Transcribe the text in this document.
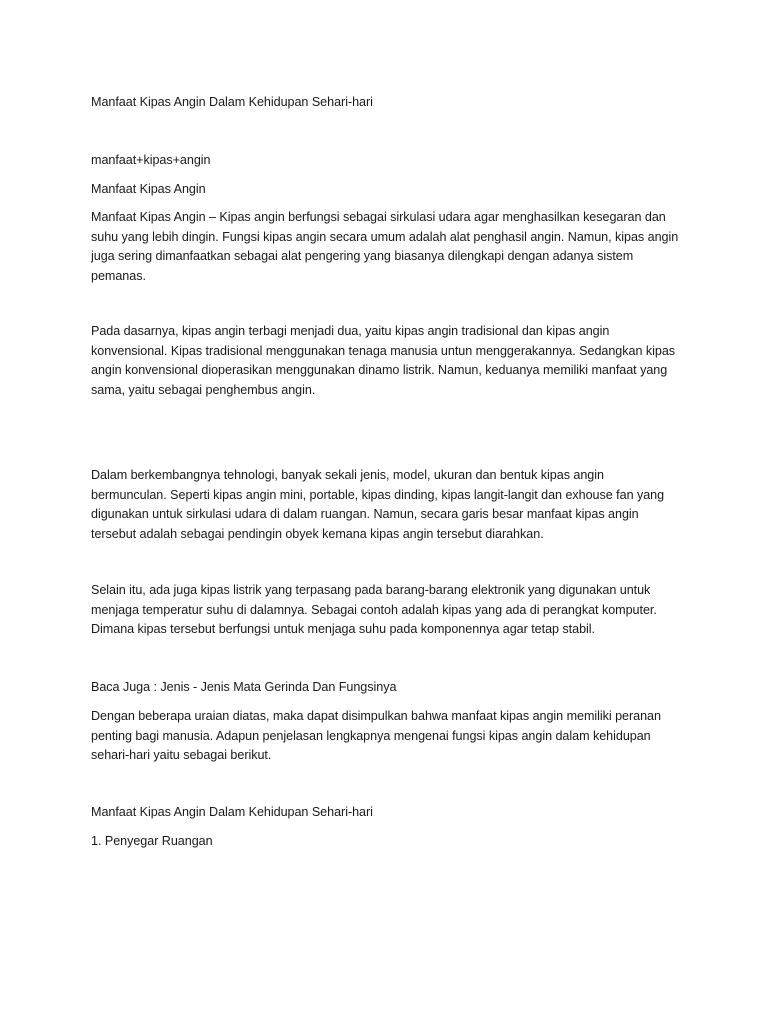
Manfaat Kipas Angin Dalam Kehidupan Sehari-hari
manfaat+kipas+angin
Manfaat Kipas Angin
Manfaat Kipas Angin – Kipas angin berfungsi sebagai sirkulasi udara agar menghasilkan kesegaran dan
suhu yang lebih dingin. Fungsi kipas angin secara umum adalah alat penghasil angin. Namun, kipas angin
juga sering dimanfaatkan sebagai alat pengering yang biasanya dilengkapi dengan adanya sistem
pemanas.
Pada dasarnya, kipas angin terbagi menjadi dua, yaitu kipas angin tradisional dan kipas angin
konvensional. Kipas tradisional menggunakan tenaga manusia untun menggerakannya. Sedangkan kipas
angin konvensional dioperasikan menggunakan dinamo listrik. Namun, keduanya memiliki manfaat yang
sama, yaitu sebagai penghembus angin.
Dalam berkembangnya tehnologi, banyak sekali jenis, model, ukuran dan bentuk kipas angin
bermunculan. Seperti kipas angin mini, portable, kipas dinding, kipas langit-langit dan exhouse fan yang
digunakan untuk sirkulasi udara di dalam ruangan. Namun, secara garis besar manfaat kipas angin
tersebut adalah sebagai pendingin obyek kemana kipas angin tersebut diarahkan.
Selain itu, ada juga kipas listrik yang terpasang pada barang-barang elektronik yang digunakan untuk
menjaga temperatur suhu di dalamnya. Sebagai contoh adalah kipas yang ada di perangkat komputer.
Dimana kipas tersebut berfungsi untuk menjaga suhu pada komponennya agar tetap stabil.
Baca Juga : Jenis - Jenis Mata Gerinda Dan Fungsinya
Dengan beberapa uraian diatas, maka dapat disimpulkan bahwa manfaat kipas angin memiliki peranan
penting bagi manusia. Adapun penjelasan lengkapnya mengenai fungsi kipas angin dalam kehidupan
sehari-hari yaitu sebagai berikut.
Manfaat Kipas Angin Dalam Kehidupan Sehari-hari
1. Penyegar Ruangan
